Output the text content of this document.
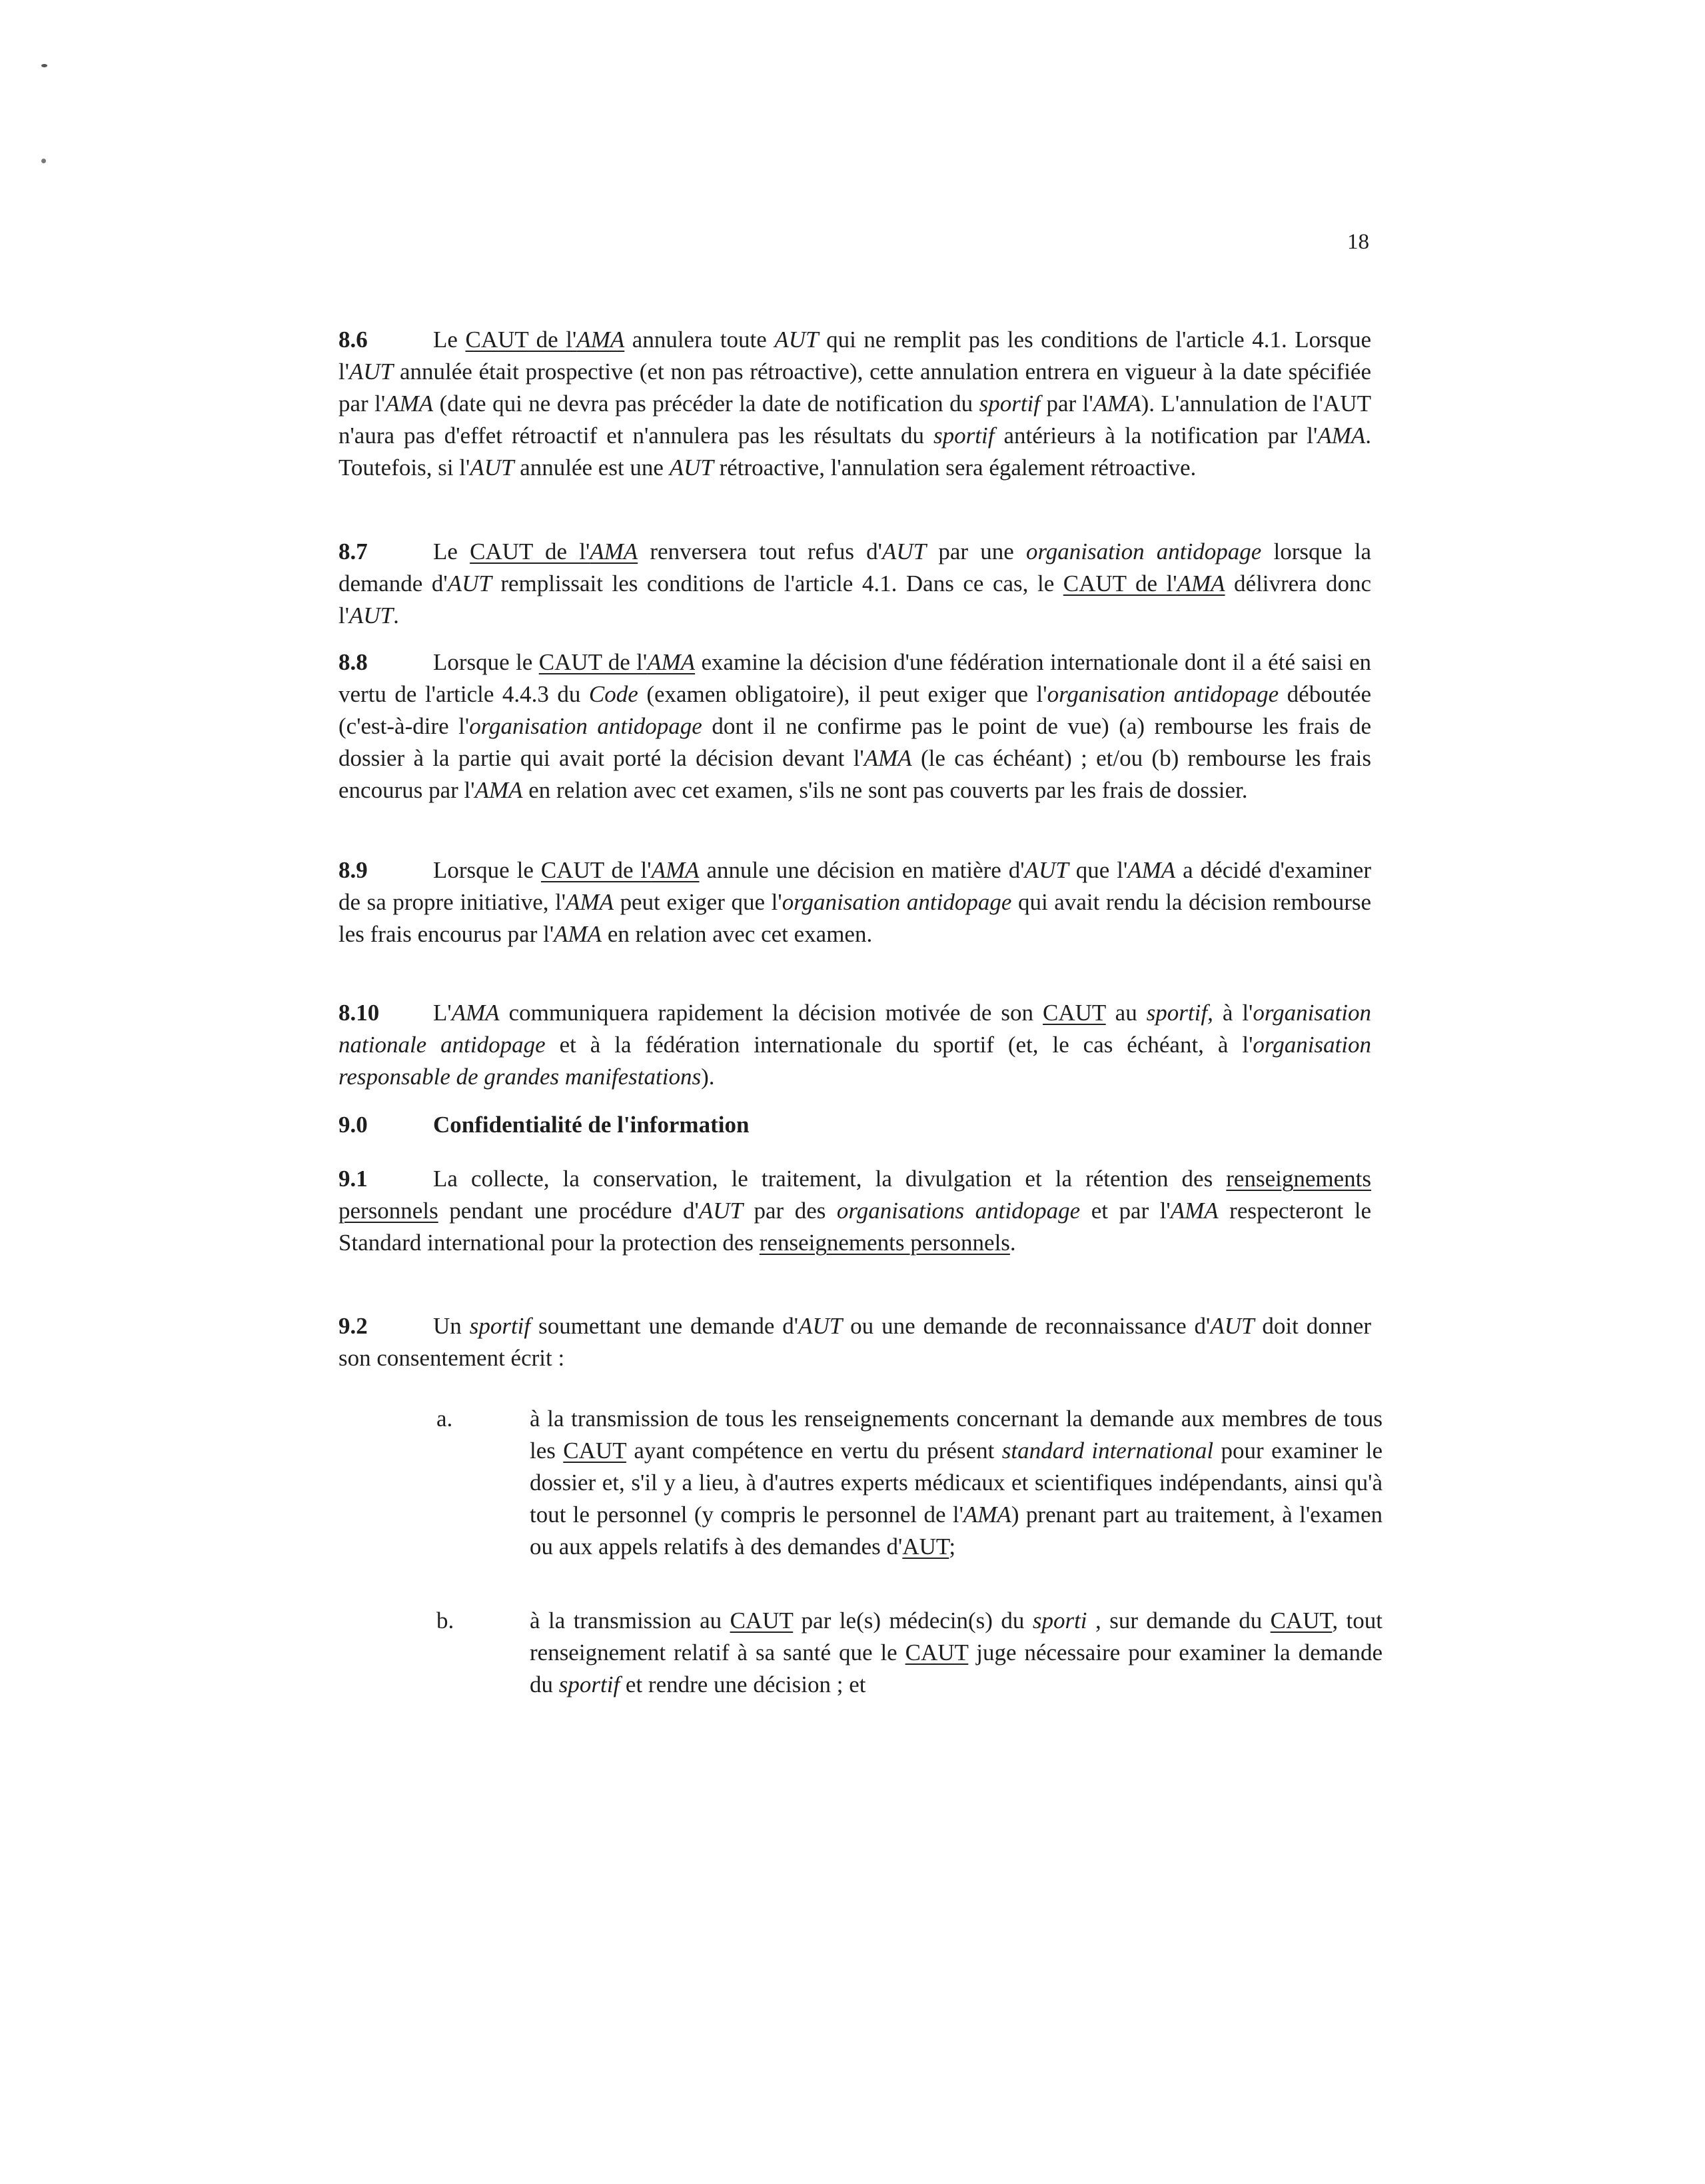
18

8.6	Le CAUT de l'AMA annulera toute AUT qui ne remplit pas les conditions de l'article 4.1. Lorsque l'AUT annulée était prospective (et non pas rétroactive), cette annulation entrera en vigueur à la date spécifiée par l'AMA (date qui ne devra pas précéder la date de notification du sportif par l'AMA). L'annulation de l'AUT n'aura pas d'effet rétroactif et n'annulera pas les résultats du sportif antérieurs à la notification par l'AMA. Toutefois, si l'AUT annulée est une AUT rétroactive, l'annulation sera également rétroactive.

8.7	Le CAUT de l'AMA renversera tout refus d'AUT par une organisation antidopage lorsque la demande d'AUT remplissait les conditions de l'article 4.1. Dans ce cas, le CAUT de l'AMA délivrera donc l'AUT.

8.8	Lorsque le CAUT de l'AMA examine la décision d'une fédération internationale dont il a été saisi en vertu de l'article 4.4.3 du Code (examen obligatoire), il peut exiger que l'organisation antidopage déboutée (c'est-à-dire l'organisation antidopage dont il ne confirme pas le point de vue) (a) rembourse les frais de dossier à la partie qui avait porté la décision devant l'AMA (le cas échéant) ; et/ou (b) rembourse les frais encourus par l'AMA en relation avec cet examen, s'ils ne sont pas couverts par les frais de dossier.

8.9	Lorsque le CAUT de l'AMA annule une décision en matière d'AUT que l'AMA a décidé d'examiner de sa propre initiative, l'AMA peut exiger que l'organisation antidopage qui avait rendu la décision rembourse les frais encourus par l'AMA en relation avec cet examen.

8.10 L'AMA communiquera rapidement la décision motivée de son CAUT au sportif, à l'organisation nationale antidopage et à la fédération internationale du sportif (et, le cas échéant, à l'organisation responsable de grandes manifestations).

9.0	Confidentialité de l'information

9.1	La collecte, la conservation, le traitement, la divulgation et la rétention des renseignements personnels pendant une procédure d'AUT par des organisations antidopage et par l'AMA respecteront le Standard international pour la protection des renseignements personnels.

9.2	Un sportif soumettant une demande d'AUT ou une demande de reconnaissance d'AUT doit donner son consentement écrit :

a.	à la transmission de tous les renseignements concernant la demande aux membres de tous les CAUT ayant compétence en vertu du présent standard international pour examiner le dossier et, s'il y a lieu, à d'autres experts médicaux et scientifiques indépendants, ainsi qu'à tout le personnel (y compris le personnel de l'AMA) prenant part au traitement, à l'examen ou aux appels relatifs à des demandes d'AUT;
b.	à la transmission au CAUT par le(s) médecin(s) du sporti , sur demande du CAUT, tout renseignement relatif à sa santé que le CAUT juge nécessaire pour examiner la demande du sportif et rendre une décision ; et
